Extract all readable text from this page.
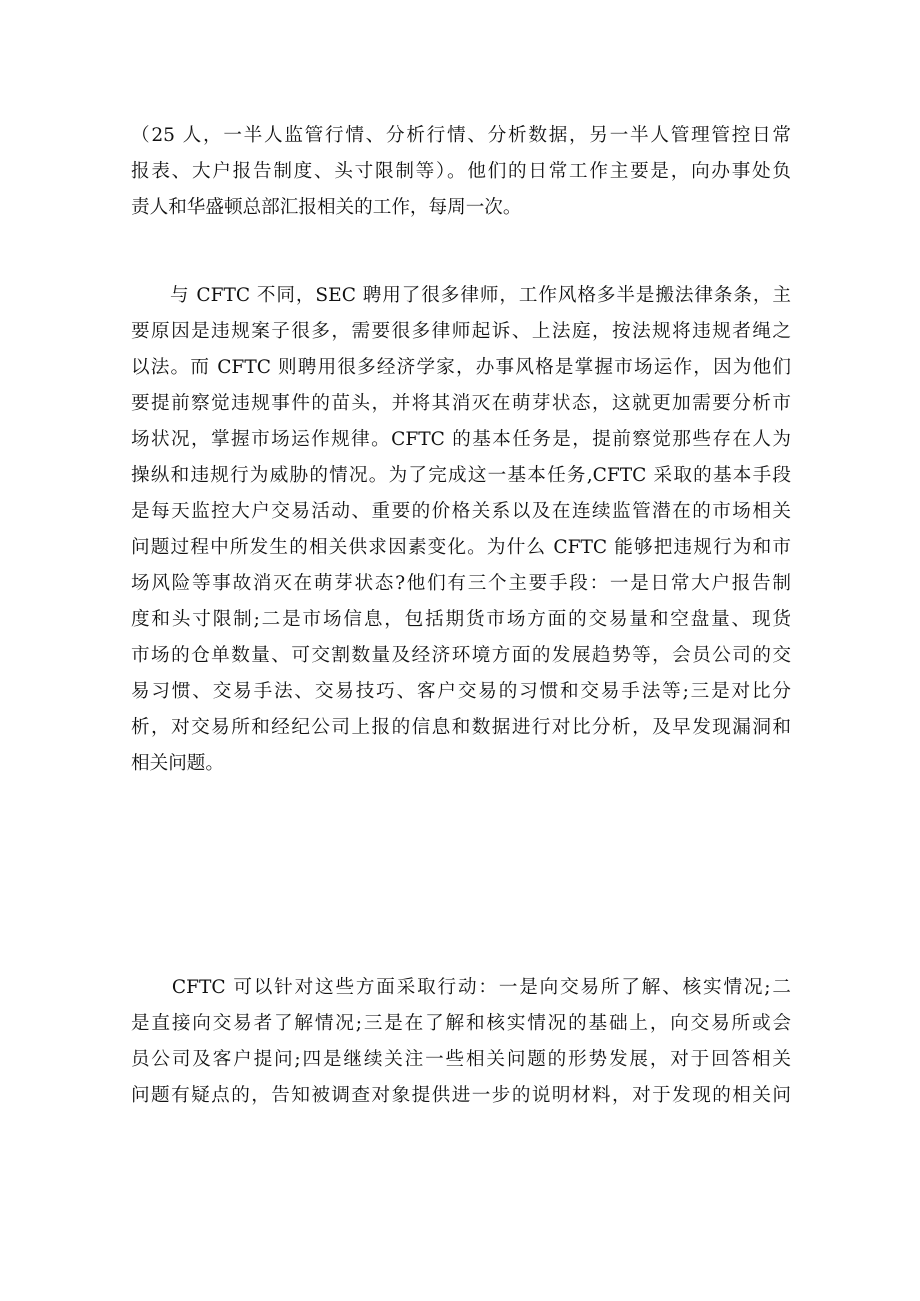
（25 人，一半人监管行情、分析行情、分析数据，另一半人管理管控日常
报表、大户报告制度、头寸限制等）。他们的日常工作主要是，向办事处负
责人和华盛顿总部汇报相关的工作，每周一次。
　　与 CFTC 不同，SEC 聘用了很多律师，工作风格多半是搬法律条条，主
要原因是违规案子很多，需要很多律师起诉、上法庭，按法规将违规者绳之
以法。而 CFTC 则聘用很多经济学家，办事风格是掌握市场运作，因为他们
要提前察觉违规事件的苗头，并将其消灭在萌芽状态，这就更加需要分析市
场状况，掌握市场运作规律。CFTC 的基本任务是，提前察觉那些存在人为
操纵和违规行为威胁的情况。为了完成这一基本任务,CFTC 采取的基本手段
是每天监控大户交易活动、重要的价格关系以及在连续监管潜在的市场相关
问题过程中所发生的相关供求因素变化。为什么 CFTC 能够把违规行为和市
场风险等事故消灭在萌芽状态?他们有三个主要手段：一是日常大户报告制
度和头寸限制;二是市场信息，包括期货市场方面的交易量和空盘量、现货
市场的仓单数量、可交割数量及经济环境方面的发展趋势等，会员公司的交
易习惯、交易手法、交易技巧、客户交易的习惯和交易手法等;三是对比分
析，对交易所和经纪公司上报的信息和数据进行对比分析，及早发现漏洞和
相关问题。
　　CFTC 可以针对这些方面采取行动：一是向交易所了解、核实情况;二
是直接向交易者了解情况;三是在了解和核实情况的基础上，向交易所或会
员公司及客户提问;四是继续关注一些相关问题的形势发展，对于回答相关
问题有疑点的，告知被调查对象提供进一步的说明材料，对于发现的相关问
